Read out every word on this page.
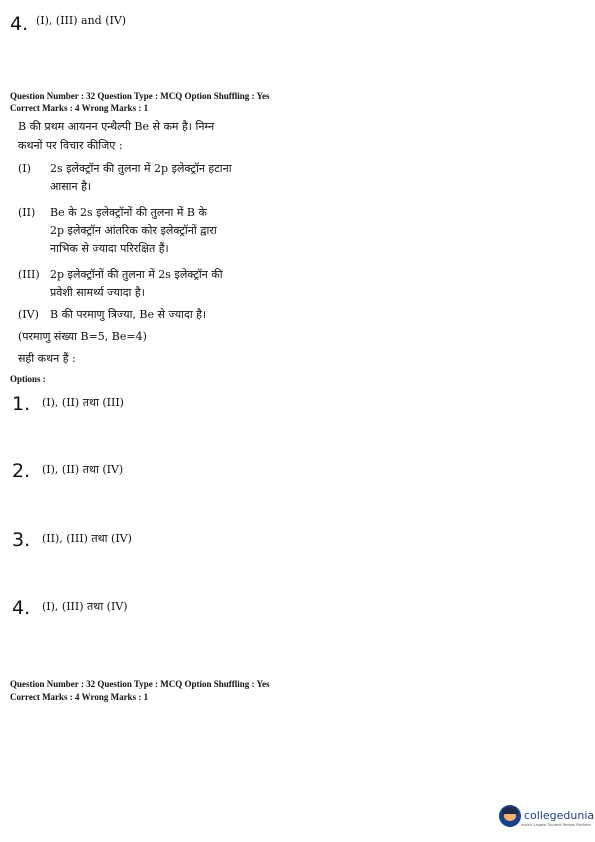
4. (I), (III) and (IV)
Question Number : 32 Question Type : MCQ Option Shuffling : Yes
Correct Marks : 4 Wrong Marks : 1
B की प्रथम आयनन एन्थैल्पी Be से कम है। निम्न
कथनों पर विचार कीजिए :
(I) 2s इलेक्ट्रॉन की तुलना में 2p इलेक्ट्रॉन हटाना
आसान है।
(II) Be के 2s इलेक्ट्रॉनों की तुलना में B के
2p इलेक्ट्रॉन आंतरिक कोर इलेक्ट्रॉनों द्वारा
नाभिक से ज्यादा परिरक्षित हैं।
(III) 2p इलेक्ट्रॉनों की तुलना में 2s इलेक्ट्रॉन की
प्रवेशी सामर्थ्य ज्यादा है।
(IV) B की परमाणु त्रिज्या, Be से ज्यादा है।
(परमाणु संख्या B=5, Be=4)
सही कथन हैं :
Options :
1. (I), (II) तथा (III)
2. (I), (II) तथा (IV)
3. (II), (III) तथा (IV)
4. (I), (III) तथा (IV)
Question Number : 32 Question Type : MCQ Option Shuffling : Yes
Correct Marks : 4 Wrong Marks : 1
collegedunia
India's Largest Student Review Platform
